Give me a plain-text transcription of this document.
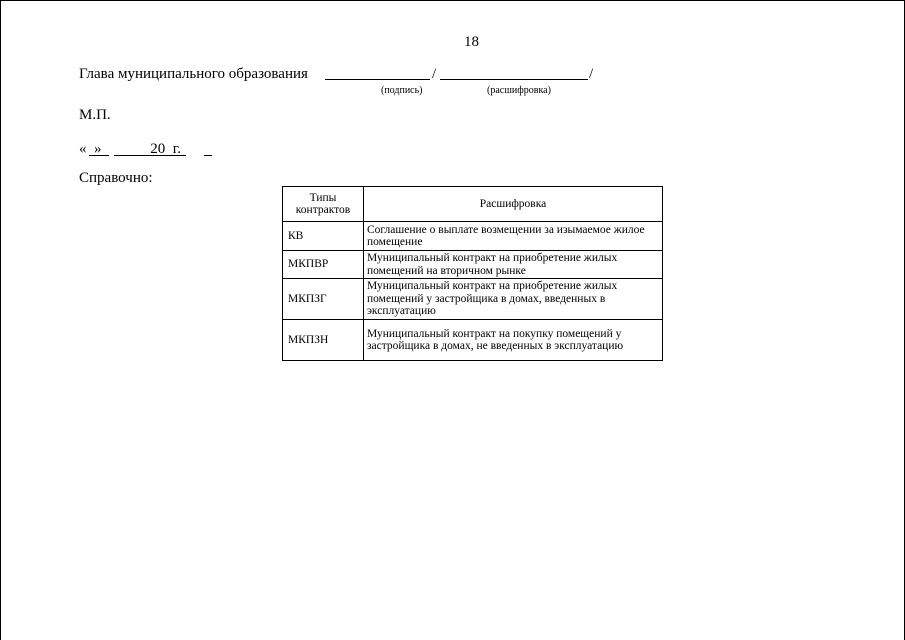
18
Глава муниципального образования	/	/
(подпись)	(расшифровка)
М.П.
«  »             20  г.
Справочно:
Типы контрактов	Расшифровка
КВ	Соглашение о выплате возмещении за изымаемое жилое помещение
МКПВР	Муниципальный контракт на приобретение жилых помещений на вторичном рынке
МКПЗГ	Муниципальный контракт на приобретение жилых помещений у застройщика в домах, введенных в эксплуатацию
МКПЗН	Муниципальный контракт на покупку помещений у застройщика в домах, не введенных в эксплуатацию
